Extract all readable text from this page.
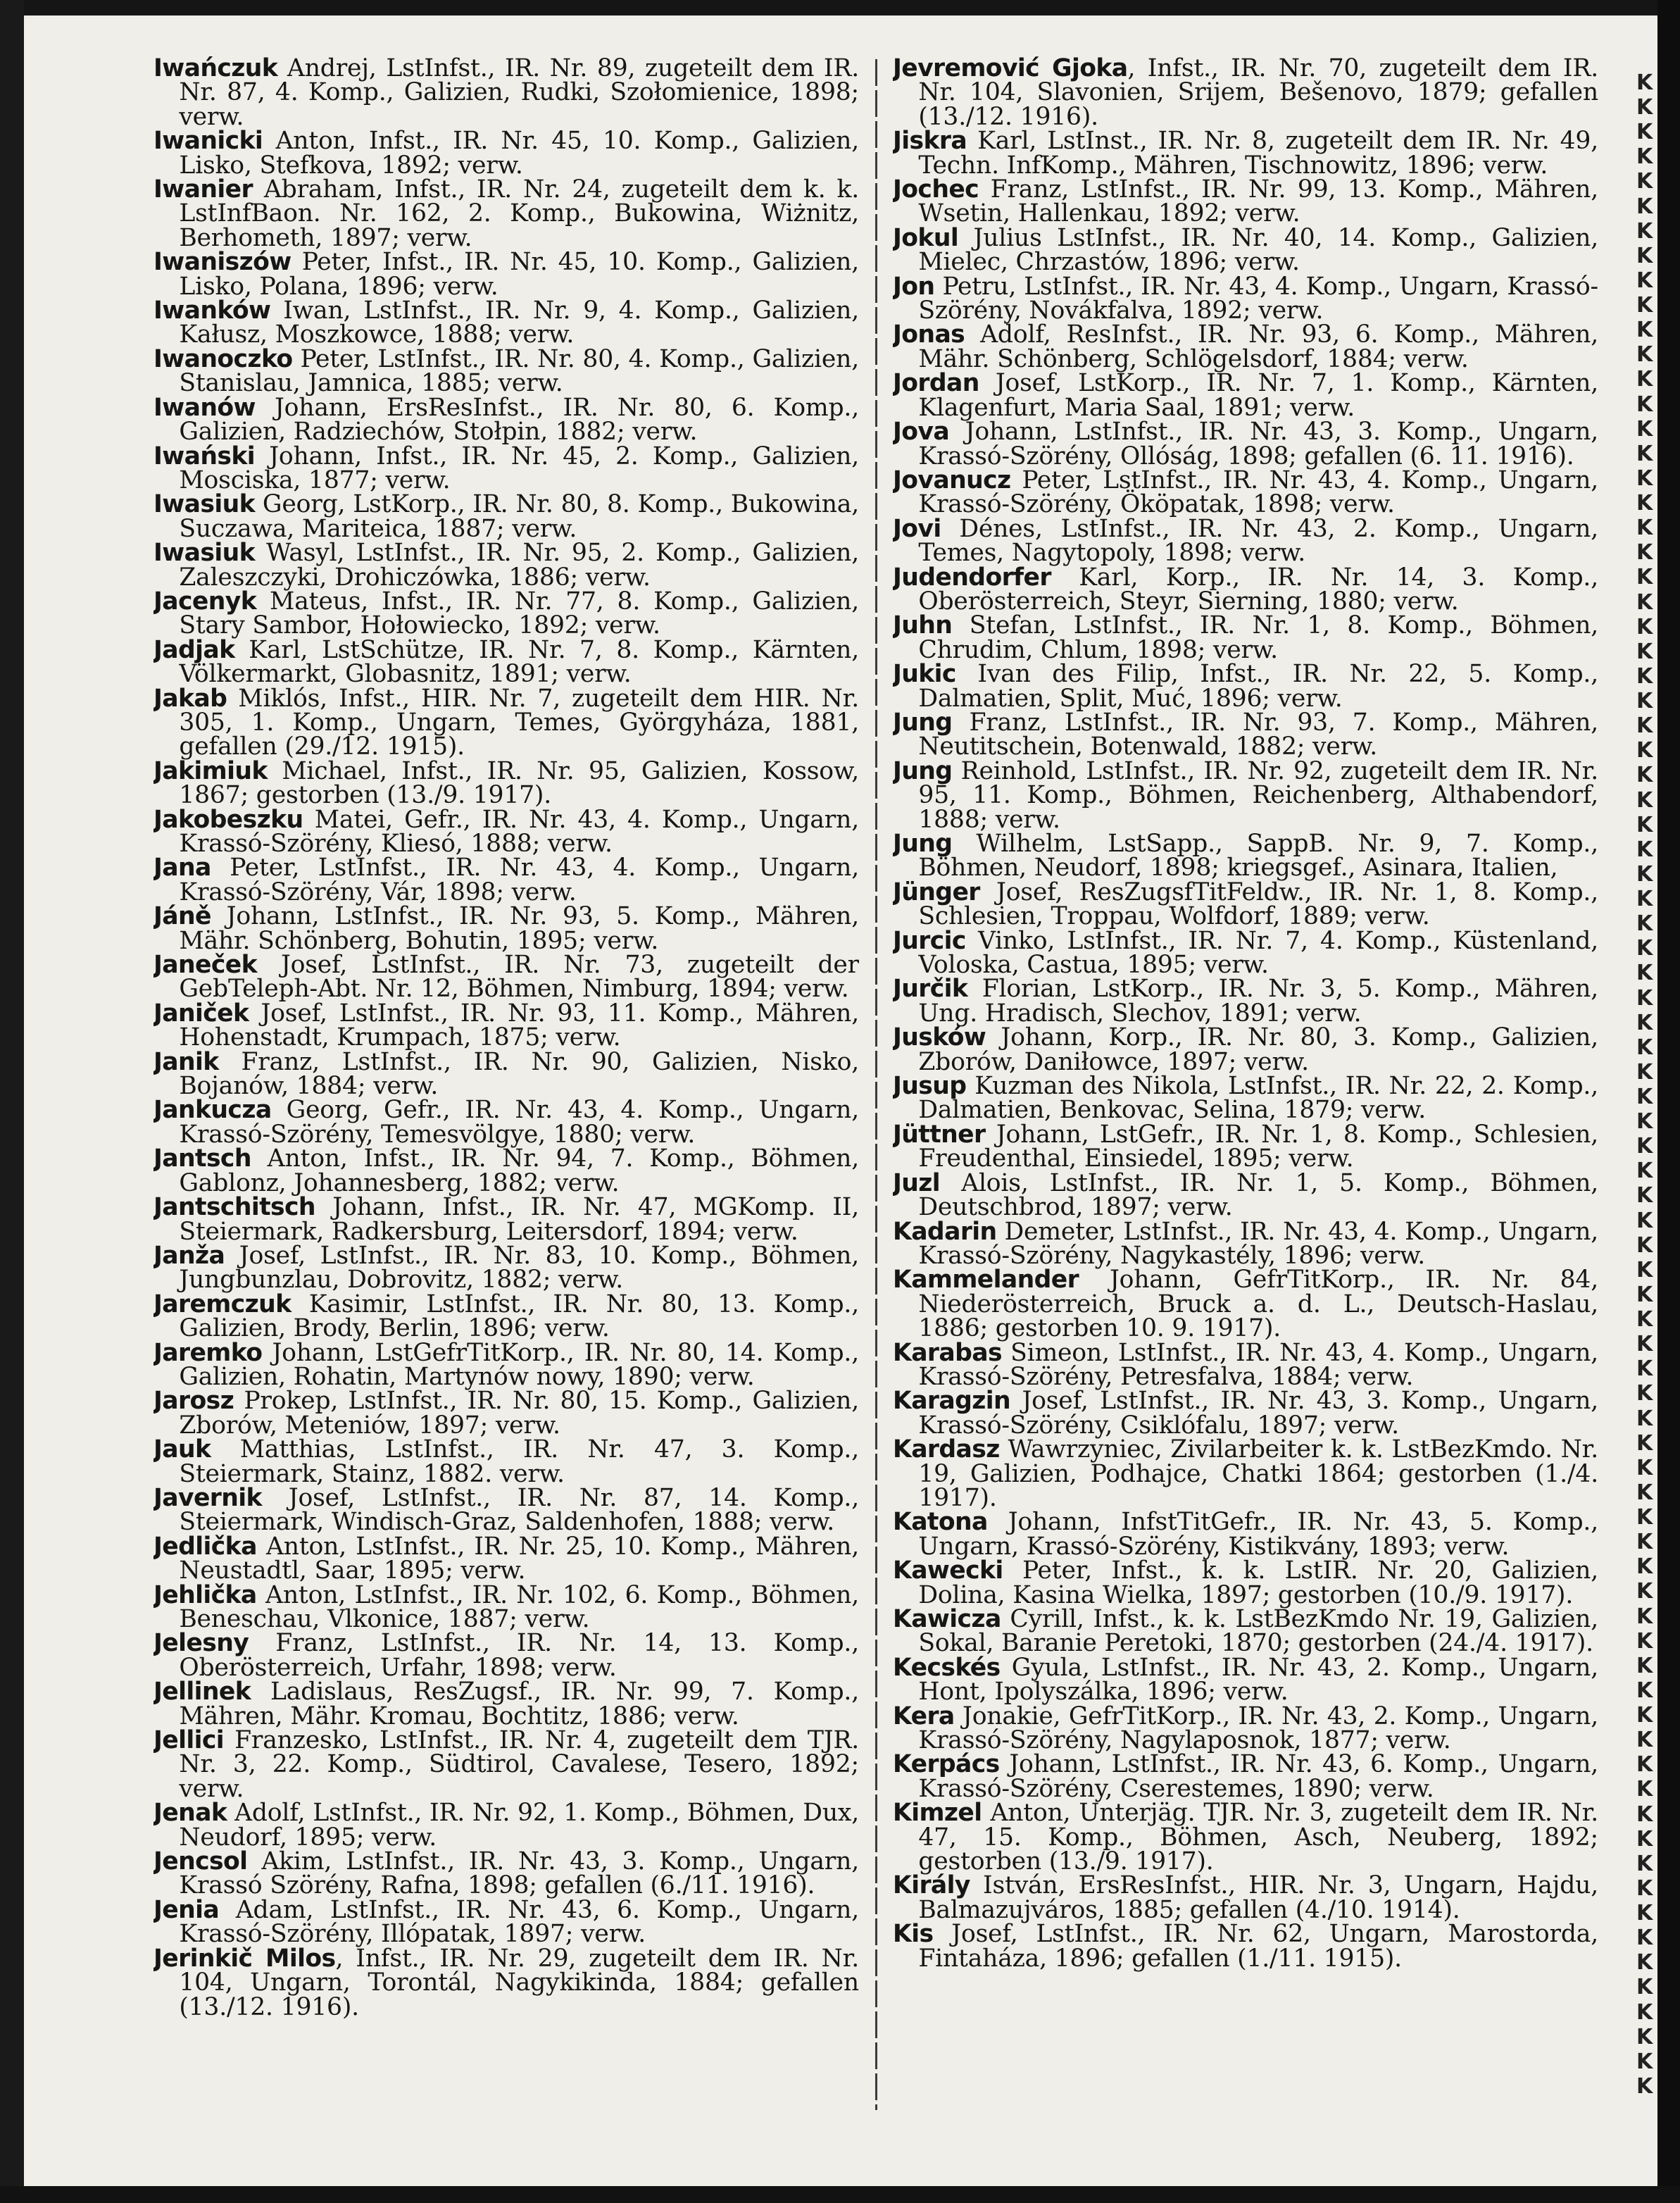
Iwańczuk Andrej, LstInfst., IR. Nr. 89, zugeteilt dem IR. Nr. 87, 4. Komp., Galizien, Rudki, Szołomienice, 1898; verw.

Iwanicki Anton, Infst., IR. Nr. 45, 10. Komp., Galizien, Lisko, Stefkova, 1892; verw.

Iwanier Abraham, Infst., IR. Nr. 24, zugeteilt dem k. k. LstInfBaon. Nr. 162, 2. Komp., Bukowina, Wiżnitz, Berhometh, 1897; verw.

Iwaniszów Peter, Infst., IR. Nr. 45, 10. Komp., Galizien, Lisko, Polana, 1896; verw.

Iwanków Iwan, LstInfst., IR. Nr. 9, 4. Komp., Galizien, Kałusz, Moszkowce, 1888; verw.

Iwanoczko Peter, LstInfst., IR. Nr. 80, 4. Komp., Galizien, Stanislau, Jamnica, 1885; verw.

Iwanów Johann, ErsResInfst., IR. Nr. 80, 6. Komp., Galizien, Radziechów, Stołpin, 1882; verw.

Iwański Johann, Infst., IR. Nr. 45, 2. Komp., Galizien, Mosciska, 1877; verw.

Iwasiuk Georg, LstKorp., IR. Nr. 80, 8. Komp., Bukowina, Suczawa, Mariteica, 1887; verw.

Iwasiuk Wasyl, LstInfst., IR. Nr. 95, 2. Komp., Galizien, Zaleszczyki, Drohiczówka, 1886; verw.

Jacenyk Mateus, Infst., IR. Nr. 77, 8. Komp., Galizien, Stary Sambor, Hołowiecko, 1892; verw.

Jadjak Karl, LstSchütze, IR. Nr. 7, 8. Komp., Kärnten, Völkermarkt, Globasnitz, 1891; verw.

Jakab Miklós, Infst., HIR. Nr. 7, zugeteilt dem HIR. Nr. 305, 1. Komp., Ungarn, Temes, Györgyháza, 1881, gefallen (29./12. 1915).

Jakimiuk Michael, Infst., IR. Nr. 95, Galizien, Kossow, 1867; gestorben (13./9. 1917).

Jakobeszku Matei, Gefr., IR. Nr. 43, 4. Komp., Ungarn, Krassó-Szörény, Kliesó, 1888; verw.

Jana Peter, LstInfst., IR. Nr. 43, 4. Komp., Ungarn, Krassó-Szörény, Vár, 1898; verw.

Jáně Johann, LstInfst., IR. Nr. 93, 5. Komp., Mähren, Mähr. Schönberg, Bohutin, 1895; verw.

Janeček Josef, LstInfst., IR. Nr. 73, zugeteilt der GebTeleph-Abt. Nr. 12, Böhmen, Nimburg, 1894; verw.

Janiček Josef, LstInfst., IR. Nr. 93, 11. Komp., Mähren, Hohenstadt, Krumpach, 1875; verw.

Janik Franz, LstInfst., IR. Nr. 90, Galizien, Nisko, Bojanów, 1884; verw.

Jankucza Georg, Gefr., IR. Nr. 43, 4. Komp., Ungarn, Krassó-Szörény, Temesvölgye, 1880; verw.

Jantsch Anton, Infst., IR. Nr. 94, 7. Komp., Böhmen, Gablonz, Johannesberg, 1882; verw.

Jantschitsch Johann, Infst., IR. Nr. 47, MGKomp. II, Steiermark, Radkersburg, Leitersdorf, 1894; verw.

Janža Josef, LstInfst., IR. Nr. 83, 10. Komp., Böhmen, Jungbunzlau, Dobrovitz, 1882; verw.

Jaremczuk Kasimir, LstInfst., IR. Nr. 80, 13. Komp., Galizien, Brody, Berlin, 1896; verw.

Jaremko Johann, LstGefrTitKorp., IR. Nr. 80, 14. Komp., Galizien, Rohatin, Martynów nowy, 1890; verw.

Jarosz Prokep, LstInfst., IR. Nr. 80, 15. Komp., Galizien, Zborów, Meteniów, 1897; verw.

Jauk Matthias, LstInfst., IR. Nr. 47, 3. Komp., Steiermark, Stainz, 1882. verw.

Javernik Josef, LstInfst., IR. Nr. 87, 14. Komp., Steiermark, Windisch-Graz, Saldenhofen, 1888; verw.

Jedlička Anton, LstInfst., IR. Nr. 25, 10. Komp., Mähren, Neustadtl, Saar, 1895; verw.

Jehlička Anton, LstInfst., IR. Nr. 102, 6. Komp., Böhmen, Beneschau, Vlkonice, 1887; verw.

Jelesny Franz, LstInfst., IR. Nr. 14, 13. Komp., Oberösterreich, Urfahr, 1898; verw.

Jellinek Ladislaus, ResZugsf., IR. Nr. 99, 7. Komp., Mähren, Mähr. Kromau, Bochtitz, 1886; verw.

Jellici Franzesko, LstInfst., IR. Nr. 4, zugeteilt dem TJR. Nr. 3, 22. Komp., Südtirol, Cavalese, Tesero, 1892; verw.

Jenak Adolf, LstInfst., IR. Nr. 92, 1. Komp., Böhmen, Dux, Neudorf, 1895; verw.

Jencsol Akim, LstInfst., IR. Nr. 43, 3. Komp., Ungarn, Krassó Szörény, Rafna, 1898; gefallen (6./11. 1916).

Jenia Adam, LstInfst., IR. Nr. 43, 6. Komp., Ungarn, Krassó-Szörény, Illópatak, 1897; verw.

Jerinkič Milos, Infst., IR. Nr. 29, zugeteilt dem IR. Nr. 104, Ungarn, Torontál, Nagykikinda, 1884; gefallen (13./12. 1916).

Jevremović Gjoka, Infst., IR. Nr. 70, zugeteilt dem IR. Nr. 104, Slavonien, Srijem, Bešenovo, 1879; gefallen (13./12. 1916).

Jiskra Karl, LstInst., IR. Nr. 8, zugeteilt dem IR. Nr. 49, Techn. InfKomp., Mähren, Tischnowitz, 1896; verw.

Jochec Franz, LstInfst., IR. Nr. 99, 13. Komp., Mähren, Wsetin, Hallenkau, 1892; verw.

Jokul Julius LstInfst., IR. Nr. 40, 14. Komp., Galizien, Mielec, Chrzastów, 1896; verw.

Jon Petru, LstInfst., IR. Nr. 43, 4. Komp., Ungarn, Krassó-Szörény, Novákfalva, 1892; verw.

Jonas Adolf, ResInfst., IR. Nr. 93, 6. Komp., Mähren, Mähr. Schönberg, Schlögelsdorf, 1884; verw.

Jordan Josef, LstKorp., IR. Nr. 7, 1. Komp., Kärnten, Klagenfurt, Maria Saal, 1891; verw.

Jova Johann, LstInfst., IR. Nr. 43, 3. Komp., Ungarn, Krassó-Szörény, Ollóság, 1898; gefallen (6. 11. 1916).

Jovanucz Peter, LstInfst., IR. Nr. 43, 4. Komp., Ungarn, Krassó-Szörény, Ököpatak, 1898; verw.

Jovi Dénes, LstInfst., IR. Nr. 43, 2. Komp., Ungarn, Temes, Nagytopoly, 1898; verw.

Judendorfer Karl, Korp., IR. Nr. 14, 3. Komp., Oberösterreich, Steyr, Sierning, 1880; verw.

Juhn Stefan, LstInfst., IR. Nr. 1, 8. Komp., Böhmen, Chrudim, Chlum, 1898; verw.

Jukic Ivan des Filip, Infst., IR. Nr. 22, 5. Komp., Dalmatien, Split, Muć, 1896; verw.

Jung Franz, LstInfst., IR. Nr. 93, 7. Komp., Mähren, Neutitschein, Botenwald, 1882; verw.

Jung Reinhold, LstInfst., IR. Nr. 92, zugeteilt dem IR. Nr. 95, 11. Komp., Böhmen, Reichenberg, Althabendorf, 1888; verw.

Jung Wilhelm, LstSapp., SappB. Nr. 9, 7. Komp., Böhmen, Neudorf, 1898; kriegsgef., Asinara, Italien,

Jünger Josef, ResZugsfTitFeldw., IR. Nr. 1, 8. Komp., Schlesien, Troppau, Wolfdorf, 1889; verw.

Jurcic Vinko, LstInfst., IR. Nr. 7, 4. Komp., Küstenland, Voloska, Castua, 1895; verw.

Jurčik Florian, LstKorp., IR. Nr. 3, 5. Komp., Mähren, Ung. Hradisch, Slechov, 1891; verw.

Jusków Johann, Korp., IR. Nr. 80, 3. Komp., Galizien, Zborów, Daniłowce, 1897; verw.

Jusup Kuzman des Nikola, LstInfst., IR. Nr. 22, 2. Komp., Dalmatien, Benkovac, Selina, 1879; verw.

Jüttner Johann, LstGefr., IR. Nr. 1, 8. Komp., Schlesien, Freudenthal, Einsiedel, 1895; verw.

Juzl Alois, LstInfst., IR. Nr. 1, 5. Komp., Böhmen, Deutschbrod, 1897; verw.

Kadarin Demeter, LstInfst., IR. Nr. 43, 4. Komp., Ungarn, Krassó-Szörény, Nagykastély, 1896; verw.

Kammelander Johann, GefrTitKorp., IR. Nr. 84, Niederösterreich, Bruck a. d. L., Deutsch-Haslau, 1886; gestorben 10. 9. 1917).

Karabas Simeon, LstInfst., IR. Nr. 43, 4. Komp., Ungarn, Krassó-Szörény, Petresfalva, 1884; verw.

Karagzin Josef, LstInfst., IR. Nr. 43, 3. Komp., Ungarn, Krassó-Szörény, Csiklófalu, 1897; verw.

Kardasz Wawrzyniec, Zivilarbeiter k. k. LstBezKmdo. Nr. 19, Galizien, Podhajce, Chatki 1864; gestorben (1./4. 1917).

Katona Johann, InfstTitGefr., IR. Nr. 43, 5. Komp., Ungarn, Krassó-Szörény, Kistikvány, 1893; verw.

Kawecki Peter, Infst., k. k. LstIR. Nr. 20, Galizien, Dolina, Kasina Wielka, 1897; gestorben (10./9. 1917).

Kawicza Cyrill, Infst., k. k. LstBezKmdo Nr. 19, Galizien, Sokal, Baranie Peretoki, 1870; gestorben (24./4. 1917).

Kecskés Gyula, LstInfst., IR. Nr. 43, 2. Komp., Ungarn, Hont, Ipolyszálka, 1896; verw.

Kera Jonakie, GefrTitKorp., IR. Nr. 43, 2. Komp., Ungarn, Krassó-Szörény, Nagylaposnok, 1877; verw.

Kerpács Johann, LstInfst., IR. Nr. 43, 6. Komp., Ungarn, Krassó-Szörény, Cserestemes, 1890; verw.

Kimzel Anton, Unterjäg. TJR. Nr. 3, zugeteilt dem IR. Nr. 47, 15. Komp., Böhmen, Asch, Neuberg, 1892; gestorben (13./9. 1917).

Király István, ErsResInfst., HIR. Nr. 3, Ungarn, Hajdu, Balmazujváros, 1885; gefallen (4./10. 1914).

Kis Josef, LstInfst., IR. Nr. 62, Ungarn, Marostorda, Fintaháza, 1896; gefallen (1./11. 1915).

K
K
K
K
K
K
K
K
K
K
K
K
K
K
K
K
K
K
K
K
K
K
K
K
K
K
K
K
K
K
K
K
K
K
K
K
K
K
K
K
K
K
K
K
K
K
K
K
K
K
K
K
K
K
K
K
K
K
K
K
K
K
K
K
K
K
K
K
K
K
K
K
K
K
K
K
K
K
K
K
K
K
